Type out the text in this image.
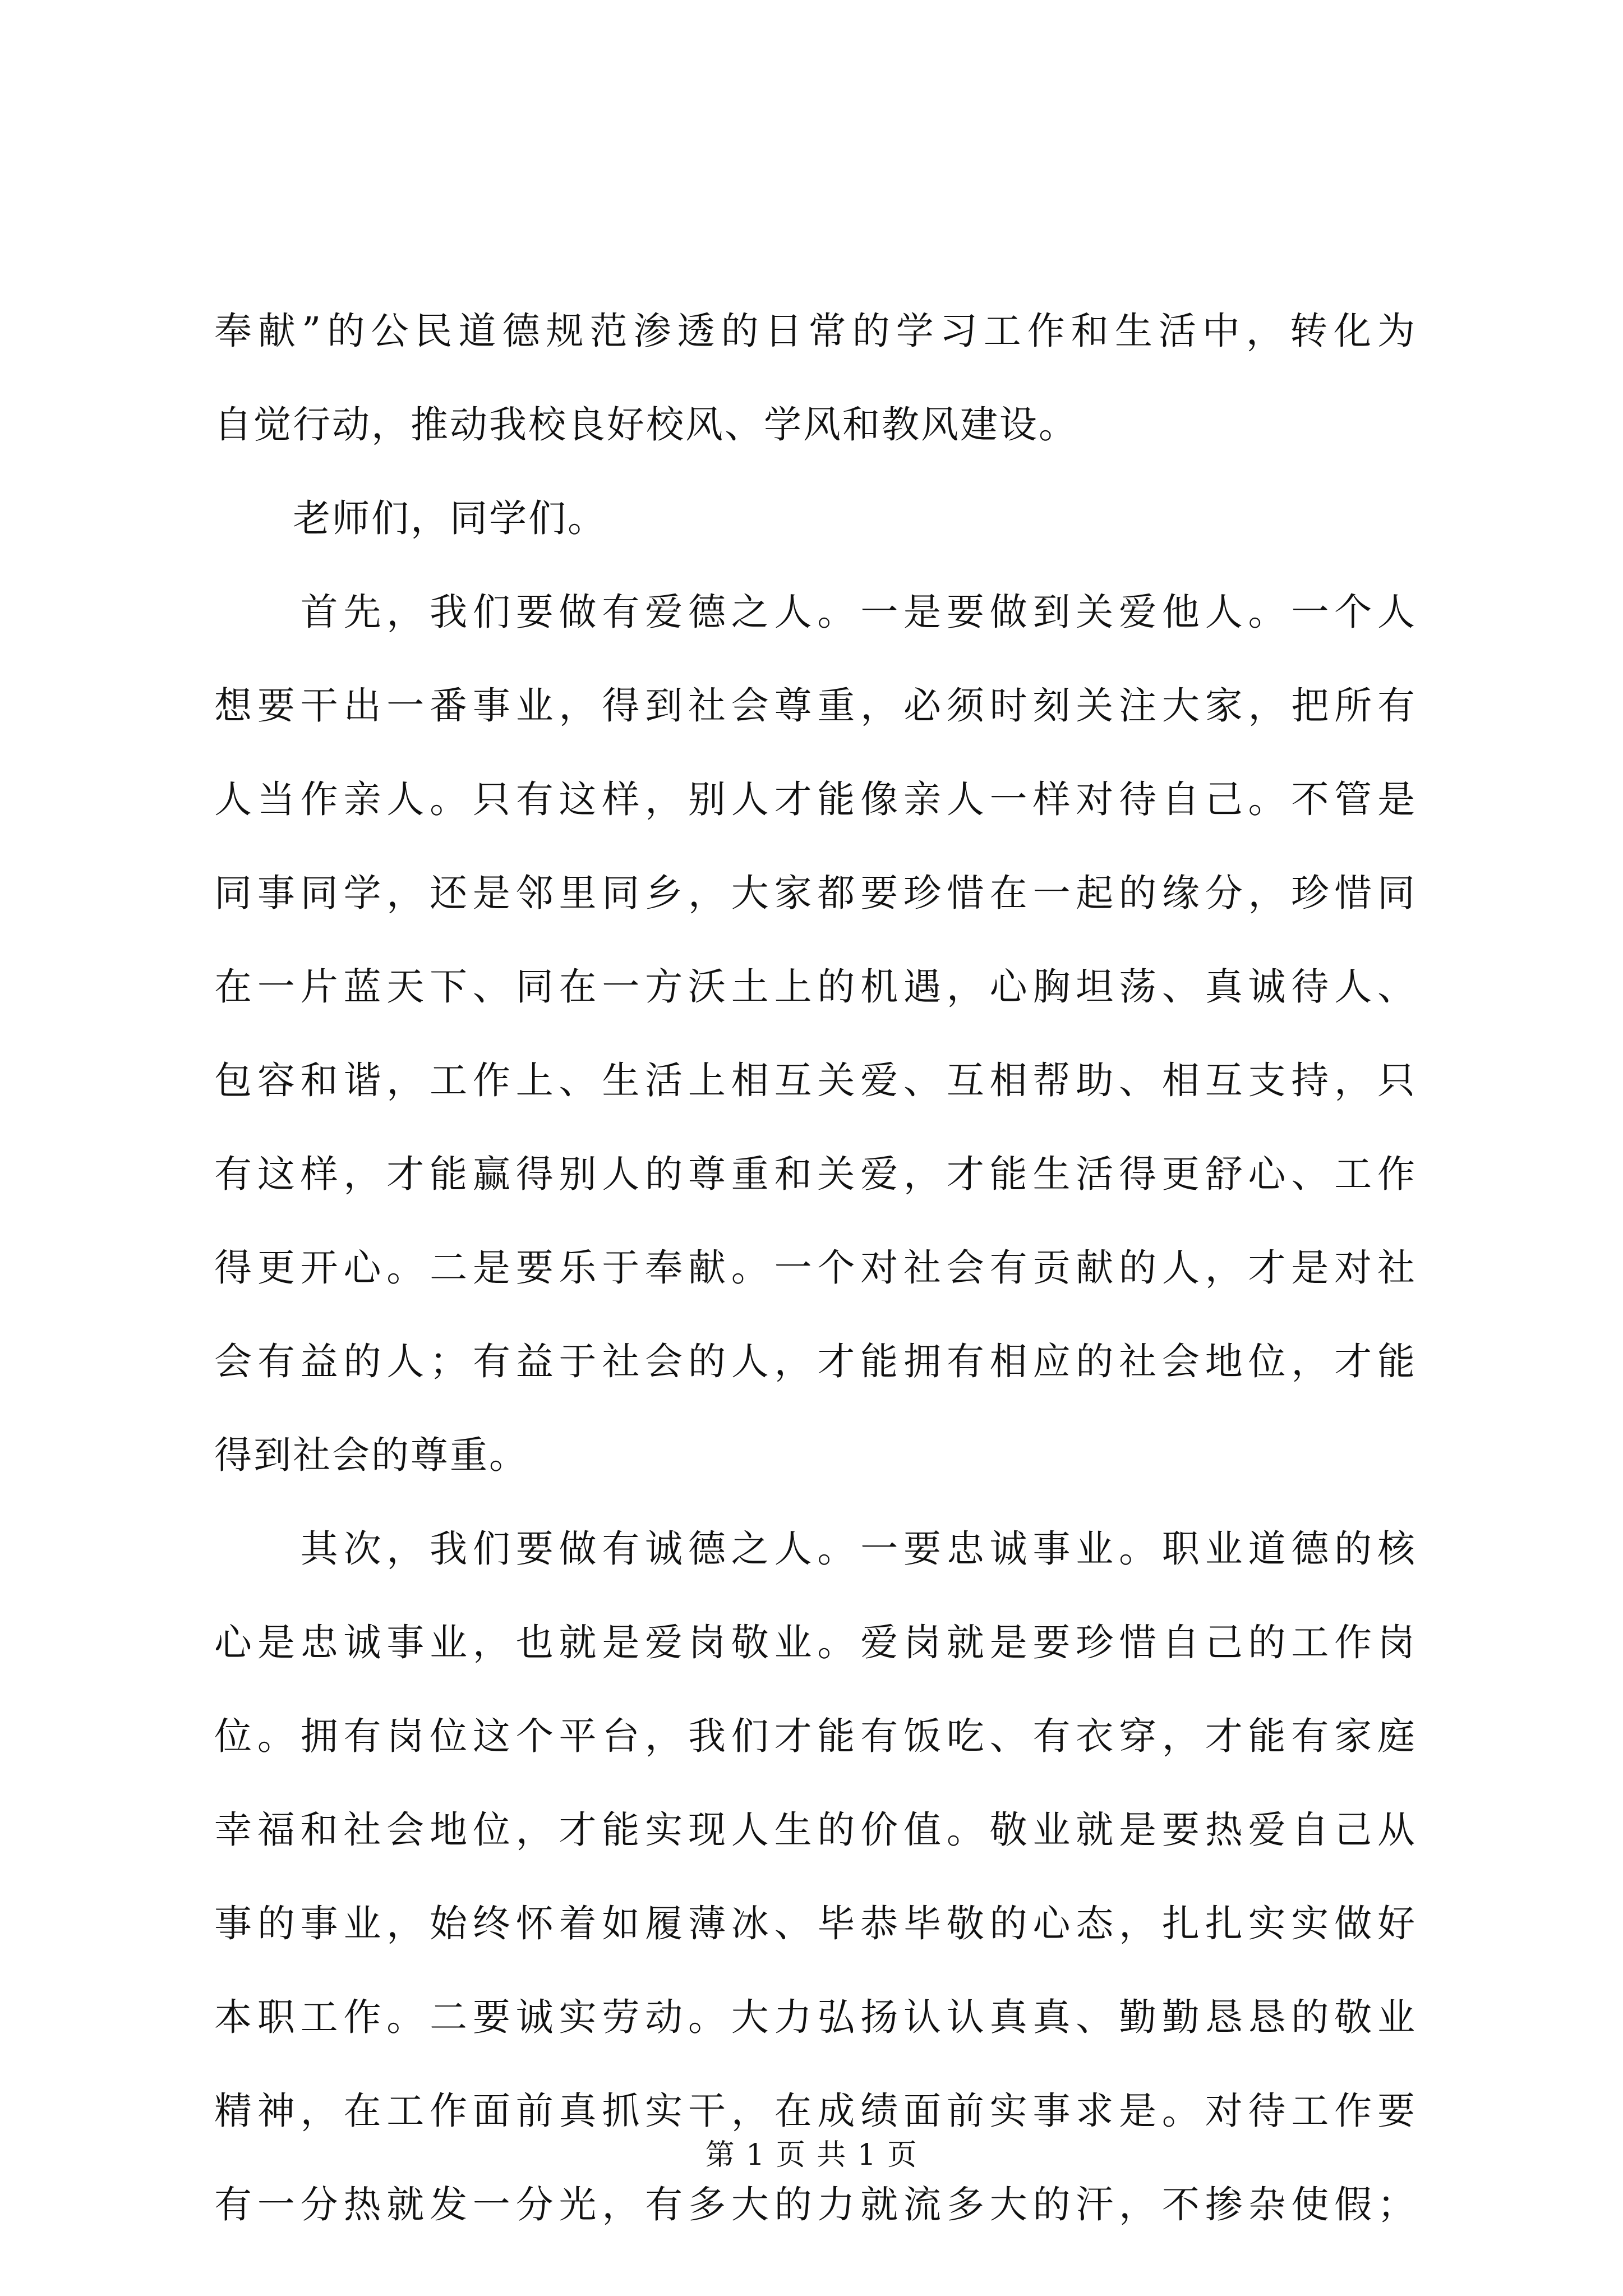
奉献”的公民道德规范渗透的日常的学习工作和生活中，转化为
自觉行动，推动我校良好校风、学风和教风建设。
　　老师们，同学们。
　　首先，我们要做有爱德之人。一是要做到关爱他人。一个人
想要干出一番事业，得到社会尊重，必须时刻关注大家，把所有
人当作亲人。只有这样，别人才能像亲人一样对待自己。不管是
同事同学，还是邻里同乡，大家都要珍惜在一起的缘分，珍惜同
在一片蓝天下、同在一方沃土上的机遇，心胸坦荡、真诚待人、
包容和谐，工作上、生活上相互关爱、互相帮助、相互支持，只
有这样，才能赢得别人的尊重和关爱，才能生活得更舒心、工作
得更开心。二是要乐于奉献。一个对社会有贡献的人，才是对社
会有益的人；有益于社会的人，才能拥有相应的社会地位，才能
得到社会的尊重。
　　其次，我们要做有诚德之人。一要忠诚事业。职业道德的核
心是忠诚事业，也就是爱岗敬业。爱岗就是要珍惜自己的工作岗
位。拥有岗位这个平台，我们才能有饭吃、有衣穿，才能有家庭
幸福和社会地位，才能实现人生的价值。敬业就是要热爱自己从
事的事业，始终怀着如履薄冰、毕恭毕敬的心态，扎扎实实做好
本职工作。二要诚实劳动。大力弘扬认认真真、勤勤恳恳的敬业
精神，在工作面前真抓实干，在成绩面前实事求是。对待工作要
有一分热就发一分光，有多大的力就流多大的汗，不掺杂使假；
第 1 页 共 1 页
